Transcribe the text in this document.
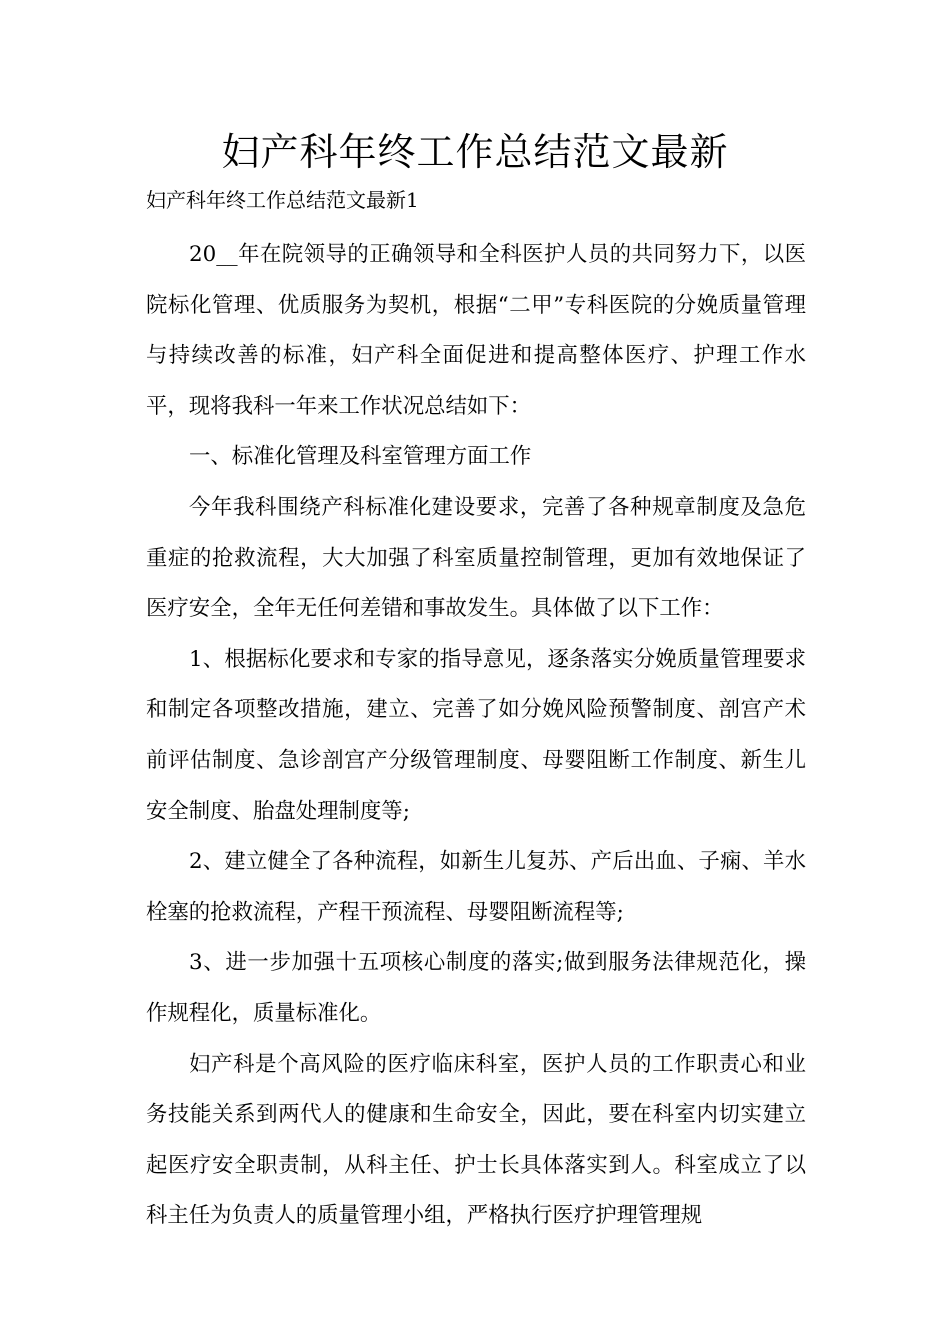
妇产科年终工作总结范文最新

妇产科年终工作总结范文最新1

20__年在院领导的正确领导和全科医护人员的共同努力下，以医院标化管理、优质服务为契机，根据“二甲”专科医院的分娩质量管理与持续改善的标准，妇产科全面促进和提高整体医疗、护理工作水平，现将我科一年来工作状况总结如下：

一、标准化管理及科室管理方面工作

今年我科围绕产科标准化建设要求，完善了各种规章制度及急危重症的抢救流程，大大加强了科室质量控制管理，更加有效地保证了医疗安全，全年无任何差错和事故发生。具体做了以下工作：

1、根据标化要求和专家的指导意见，逐条落实分娩质量管理要求和制定各项整改措施，建立、完善了如分娩风险预警制度、剖宫产术前评估制度、急诊剖宫产分级管理制度、母婴阻断工作制度、新生儿安全制度、胎盘处理制度等;

2、建立健全了各种流程，如新生儿复苏、产后出血、子痫、羊水栓塞的抢救流程，产程干预流程、母婴阻断流程等;

3、进一步加强十五项核心制度的落实;做到服务法律规范化，操作规程化，质量标准化。

妇产科是个高风险的医疗临床科室，医护人员的工作职责心和业务技能关系到两代人的健康和生命安全，因此，要在科室内切实建立起医疗安全职责制，从科主任、护士长具体落实到人。科室成立了以科主任为负责人的质量管理小组，严格执行医疗护理管理规
